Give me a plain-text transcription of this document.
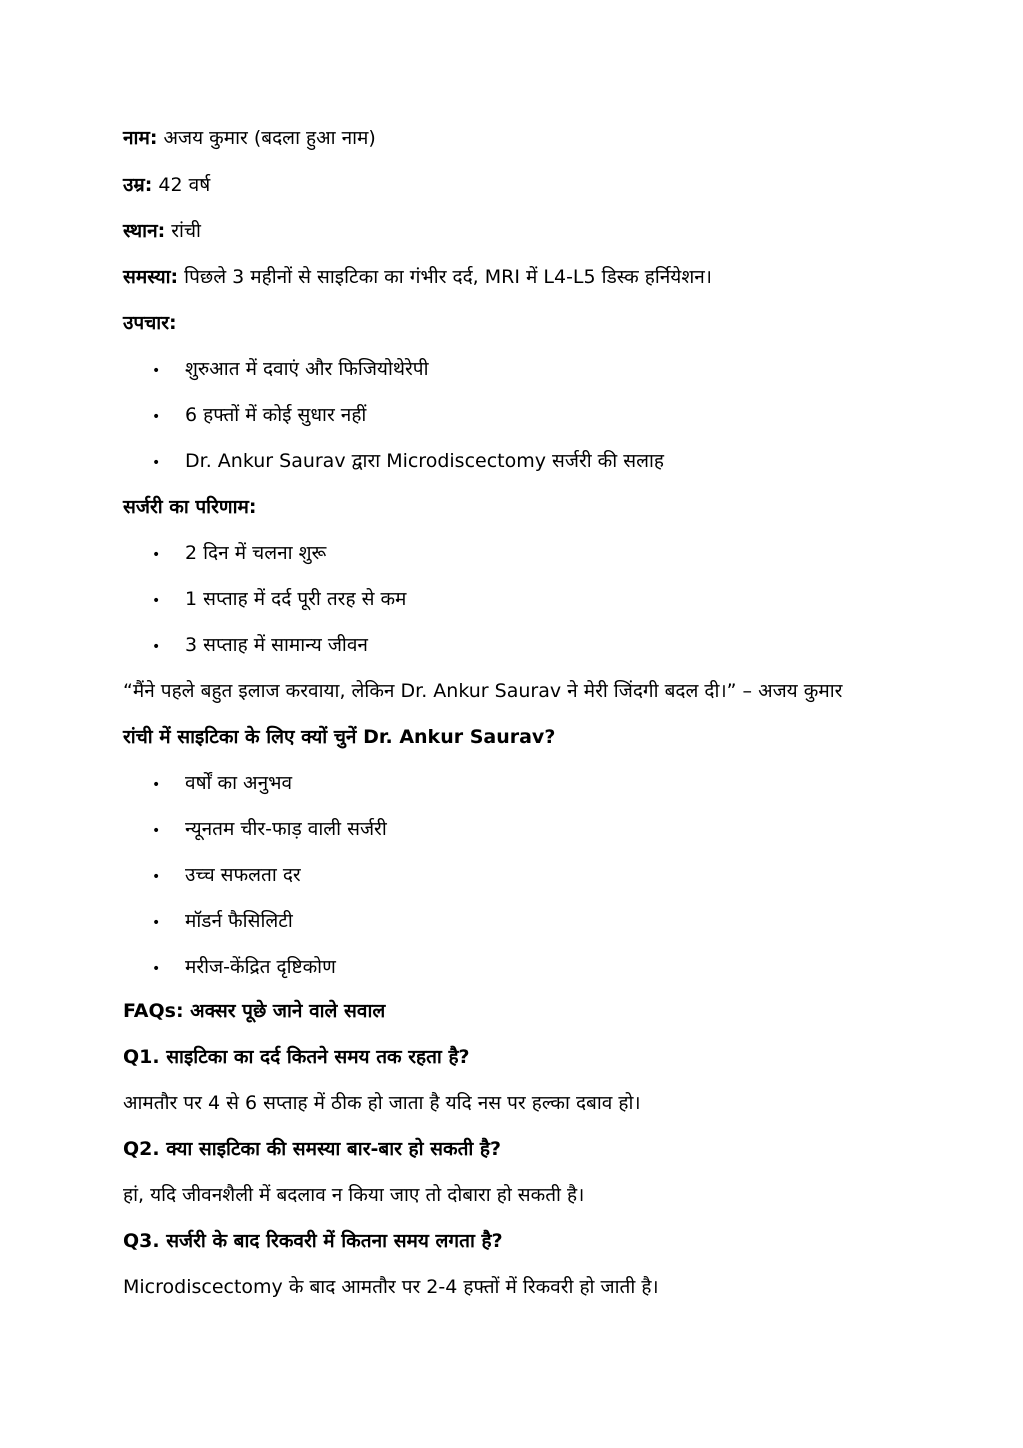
नाम: अजय कुमार (बदला हुआ नाम)
उम्र: 42 वर्ष
स्थान: रांची
समस्या: पिछले 3 महीनों से साइटिका का गंभीर दर्द, MRI में L4-L5 डिस्क हर्नियेशन।
उपचार:
• शुरुआत में दवाएं और फिजियोथेरेपी
• 6 हफ्तों में कोई सुधार नहीं
• Dr. Ankur Saurav द्वारा Microdiscectomy सर्जरी की सलाह
सर्जरी का परिणाम:
• 2 दिन में चलना शुरू
• 1 सप्ताह में दर्द पूरी तरह से कम
• 3 सप्ताह में सामान्य जीवन
“मैंने पहले बहुत इलाज करवाया, लेकिन Dr. Ankur Saurav ने मेरी जिंदगी बदल दी।” – अजय कुमार
रांची में साइटिका के लिए क्यों चुनें Dr. Ankur Saurav?
• वर्षों का अनुभव
• न्यूनतम चीर-फाड़ वाली सर्जरी
• उच्च सफलता दर
• मॉडर्न फैसिलिटी
• मरीज-केंद्रित दृष्टिकोण
FAQs: अक्सर पूछे जाने वाले सवाल
Q1. साइटिका का दर्द कितने समय तक रहता है?
आमतौर पर 4 से 6 सप्ताह में ठीक हो जाता है यदि नस पर हल्का दबाव हो।
Q2. क्या साइटिका की समस्या बार-बार हो सकती है?
हां, यदि जीवनशैली में बदलाव न किया जाए तो दोबारा हो सकती है।
Q3. सर्जरी के बाद रिकवरी में कितना समय लगता है?
Microdiscectomy के बाद आमतौर पर 2-4 हफ्तों में रिकवरी हो जाती है।
